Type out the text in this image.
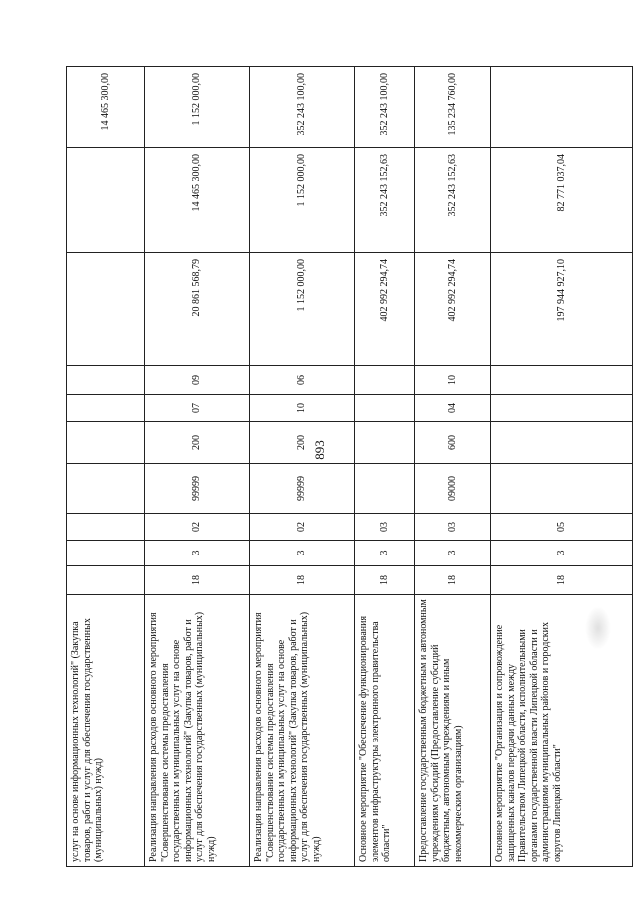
893
услуг на основе информационных технологий" (Закупка товаров, работ и услуг для обеспечения государственных (муниципальных) нужд)										14 465 300,00
Реализация направления расходов основного мероприятия "Совершенствование системы предоставления государственных и муниципальных услуг на основе информационных технологий" (Закупка товаров, работ и услуг для обеспечения государственных (муниципальных) нужд)	18	3	02	99999	200	07	09	20 861 568,79	14 465 300,00	1 152 000,00
Реализация направления расходов основного мероприятия "Совершенствование системы предоставления государственных и муниципальных услуг на основе информационных технологий" (Закупка товаров, работ и услуг для обеспечения государственных (муниципальных) нужд)	18	3	02	99999	200	10	06	1 152 000,00	1 152 000,00	352 243 100,00
Основное мероприятие "Обеспечение функционирования элементов инфраструктуры электронного правительства области"	18	3	03					402 992 294,74	352 243 152,63	352 243 100,00
Предоставление государственным бюджетным и автономным учреждениям субсидий (Предоставление субсидий бюджетным, автономным учреждениям и иным некоммерческим организациям)	18	3	03	09000	600	04	10	402 992 294,74	352 243 152,63	135 234 760,00
Основное мероприятие "Организация и сопровождение защищенных каналов передачи данных между Правительством Липецкой области, исполнительными органами государственной власти Липецкой области и администрациями муниципальных районов и городских округов Липецкой области"	18	3	05					197 944 927,10	82 771 037,04	
